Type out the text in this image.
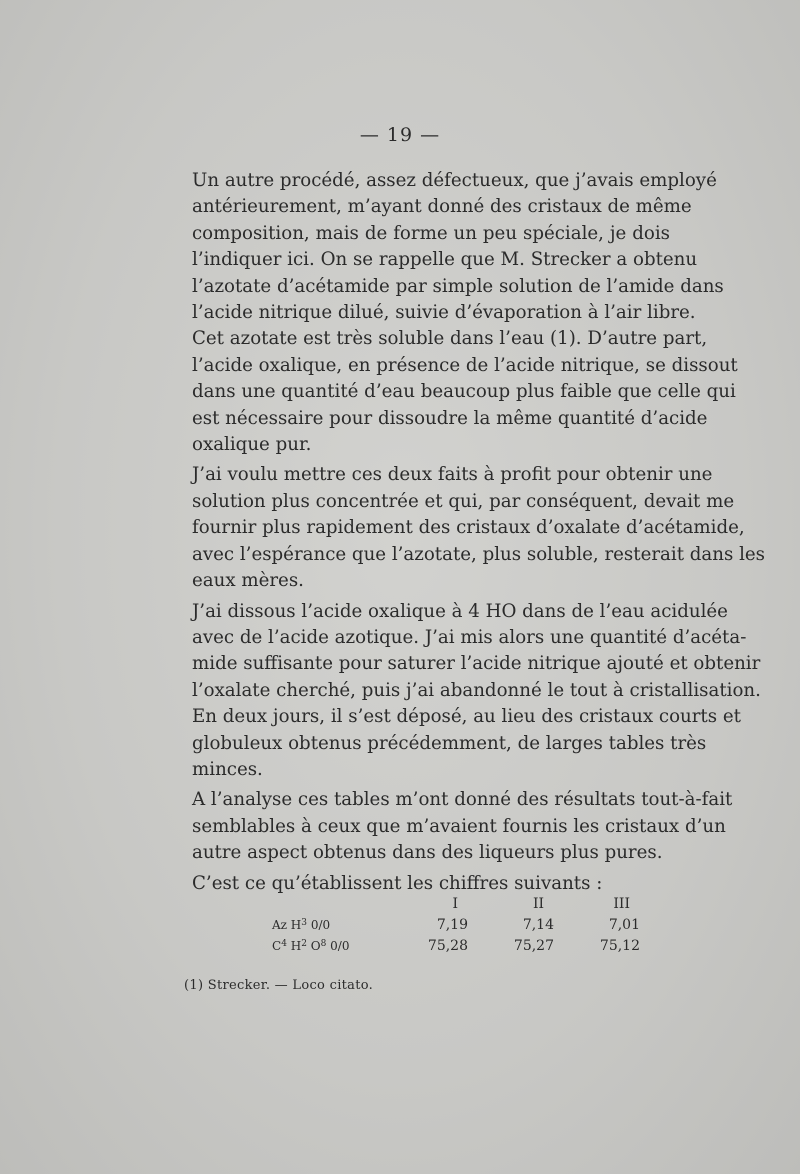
— 19 —

Un autre procédé, assez défectueux, que j’avais employé
antérieurement, m’ayant donné des cristaux de même
composition, mais de forme un peu spéciale, je dois
l’indiquer ici. On se rappelle que M. Strecker a obtenu
l’azotate d’acétamide par simple solution de l’amide dans
l’acide nitrique dilué, suivie d’évaporation à l’air libre.
Cet azotate est très soluble dans l’eau (1). D’autre part,
l’acide oxalique, en présence de l’acide nitrique, se dissout
dans une quantité d’eau beaucoup plus faible que celle qui
est nécessaire pour dissoudre la même quantité d’acide
oxalique pur.

J’ai voulu mettre ces deux faits à profit pour obtenir une
solution plus concentrée et qui, par conséquent, devait me
fournir plus rapidement des cristaux d’oxalate d’acétamide,
avec l’espérance que l’azotate, plus soluble, resterait dans les
eaux mères.

J’ai dissous l’acide oxalique à 4 HO dans de l’eau acidulée
avec de l’acide azotique. J’ai mis alors une quantité d’acéta-
mide suffisante pour saturer l’acide nitrique ajouté et obtenir
l’oxalate cherché, puis j’ai abandonné le tout à cristallisation.
En deux jours, il s’est déposé, au lieu des cristaux courts et
globuleux obtenus précédemment, de larges tables très
minces.

A l’analyse ces tables m’ont donné des résultats tout-à-fait
semblables à ceux que m’avaient fournis les cristaux d’un
autre aspect obtenus dans des liqueurs plus pures.

C’est ce qu’établissent les chiffres suivants :

	I	II	III
Az $H^3$ 0/0	7,19	7,14	7,01
$C^4$ $H^2$ $O^8$ 0/0	75,28	75,27	75,12
(1) Strecker. — Loco citato.
